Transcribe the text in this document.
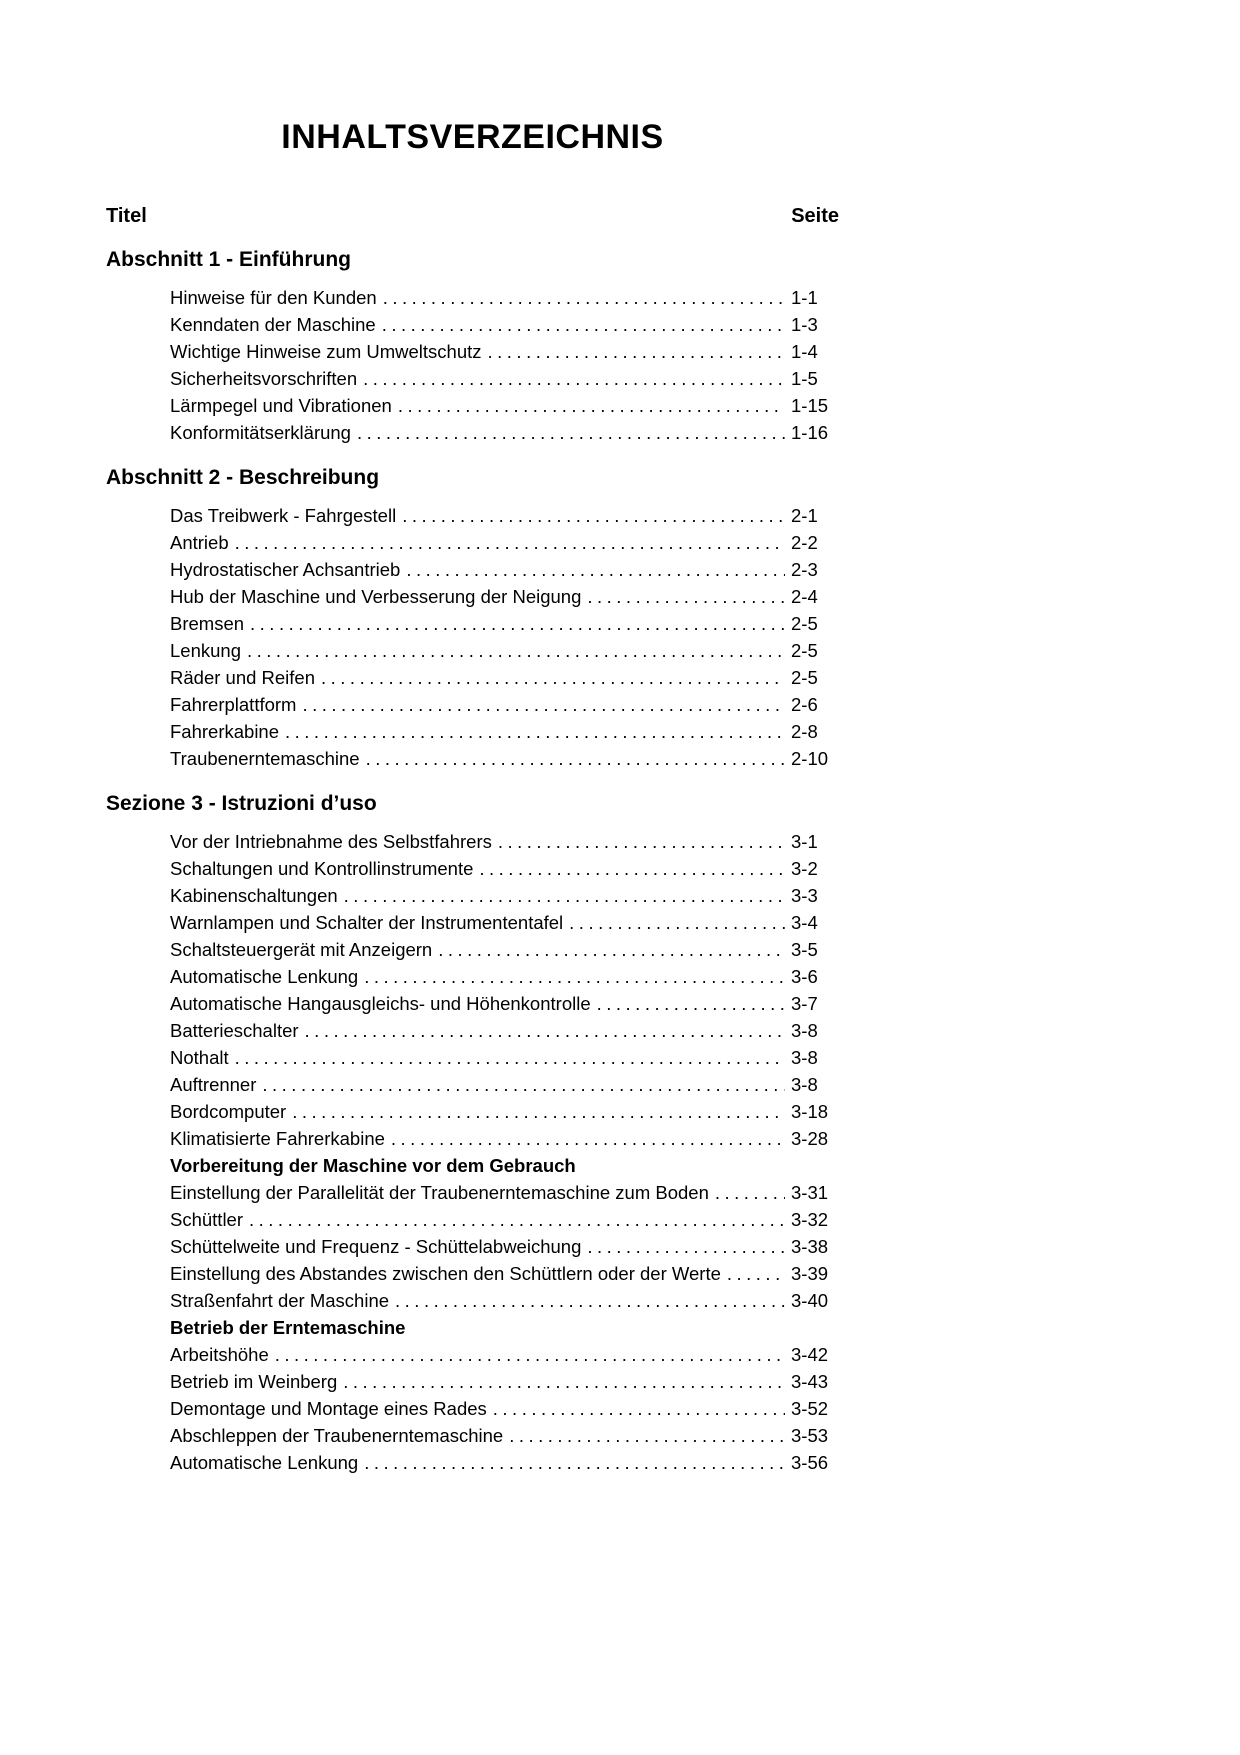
INHALTSVERZEICHNIS
Titel	Seite
Abschnitt 1 - Einführung
Hinweise für den Kunden .....	1-1
Kenndaten der Maschine .....	1-3
Wichtige Hinweise zum Umweltschutz .....	1-4
Sicherheitsvorschriften .....	1-5
Lärmpegel und Vibrationen .....	1-15
Konformitätserklärung .....	1-16
Abschnitt 2 - Beschreibung
Das Treibwerk - Fahrgestell .....	2-1
Antrieb .....	2-2
Hydrostatischer Achsantrieb .....	2-3
Hub der Maschine und Verbesserung der Neigung .....	2-4
Bremsen .....	2-5
Lenkung .....	2-5
Räder und Reifen .....	2-5
Fahrerplattform .....	2-6
Fahrerkabine .....	2-8
Traubenerntemaschine .....	2-10
Sezione 3 - Istruzioni d’uso
Vor der Intriebnahme des Selbstfahrers .....	3-1
Schaltungen und Kontrollinstrumente .....	3-2
Kabinenschaltungen .....	3-3
Warnlampen und Schalter der Instrumententafel .....	3-4
Schaltsteuergerät mit Anzeigern .....	3-5
Automatische Lenkung .....	3-6
Automatische Hangausgleichs- und Höhenkontrolle .....	3-7
Batterieschalter .....	3-8
Nothalt .....	3-8
Auftrenner .....	3-8
Bordcomputer .....	3-18
Klimatisierte Fahrerkabine .....	3-28
Vorbereitung der Maschine vor dem Gebrauch
Einstellung der Parallelität der Traubenerntemaschine zum Boden .....	3-31
Schüttler .....	3-32
Schüttelweite und Frequenz - Schüttelabweichung .....	3-38
Einstellung des Abstandes zwischen den Schüttlern oder der Werte .....	3-39
Straßenfahrt der Maschine .....	3-40
Betrieb der Erntemaschine
Arbeitshöhe .....	3-42
Betrieb im Weinberg .....	3-43
Demontage und Montage eines Rades .....	3-52
Abschleppen der Traubenerntemaschine .....	3-53
Automatische Lenkung .....	3-56
